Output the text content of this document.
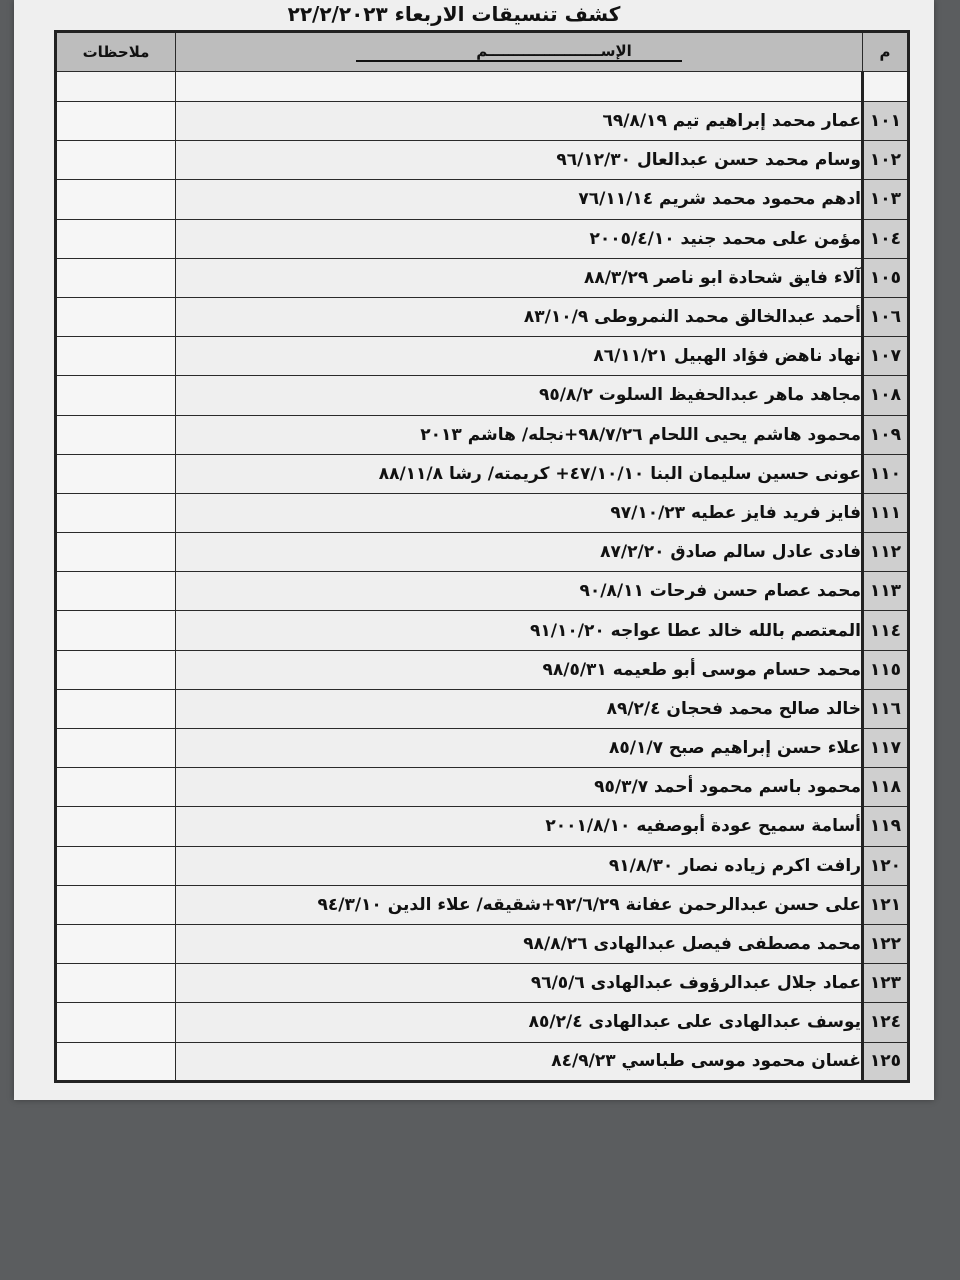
كشف تنسيقات الاربعاء ٢٢/٢/٢٠٢٣
م	الإســــــــــــــــــــــم	ملاحظات

١٠١	عمار محمد إبراهيم تيم ٦٩/٨/١٩	
١٠٢	وسام محمد حسن عبدالعال ٩٦/١٢/٣٠	
١٠٣	ادهم محمود محمد شريم ٧٦/١١/١٤	
١٠٤	مؤمن على محمد جنيد ٢٠٠٥/٤/١٠	
١٠٥	آلاء فايق شحادة ابو ناصر ٨٨/٣/٢٩	
١٠٦	أحمد عبدالخالق محمد النمروطى ٨٣/١٠/٩	
١٠٧	نهاد ناهض فؤاد الهبيل ٨٦/١١/٢١	
١٠٨	مجاهد ماهر عبدالحفيظ السلوت ٩٥/٨/٢	
١٠٩	محمود هاشم يحيى اللحام ٩٨/٧/٢٦+نجله/ هاشم ٢٠١٣	
١١٠	عونى حسين سليمان البنا ٤٧/١٠/١٠+ كريمته/ رشا ٨٨/١١/٨	
١١١	فايز فريد فايز عطيه ٩٧/١٠/٢٣	
١١٢	فادى عادل سالم صادق ٨٧/٢/٢٠	
١١٣	محمد عصام حسن فرحات ٩٠/٨/١١	
١١٤	المعتصم بالله خالد عطا عواجه ٩١/١٠/٢٠	
١١٥	محمد حسام موسى أبو طعيمه ٩٨/٥/٣١	
١١٦	خالد صالح محمد فحجان ٨٩/٢/٤	
١١٧	علاء حسن إبراهيم صبح ٨٥/١/٧	
١١٨	محمود باسم محمود أحمد ٩٥/٣/٧	
١١٩	أسامة سميح عودة أبوصفيه ٢٠٠١/٨/١٠	
١٢٠	رافت اكرم زياده نصار ٩١/٨/٣٠	
١٢١	على حسن عبدالرحمن عفانة ٩٢/٦/٢٩+شقيقه/ علاء الدين ٩٤/٣/١٠	
١٢٢	محمد مصطفى فيصل عبدالهادى ٩٨/٨/٢٦	
١٢٣	عماد جلال عبدالرؤوف عبدالهادى ٩٦/٥/٦	
١٢٤	يوسف عبدالهادى على عبدالهادى ٨٥/٢/٤	
١٢٥	غسان محمود موسى طباسي ٨٤/٩/٢٣	
